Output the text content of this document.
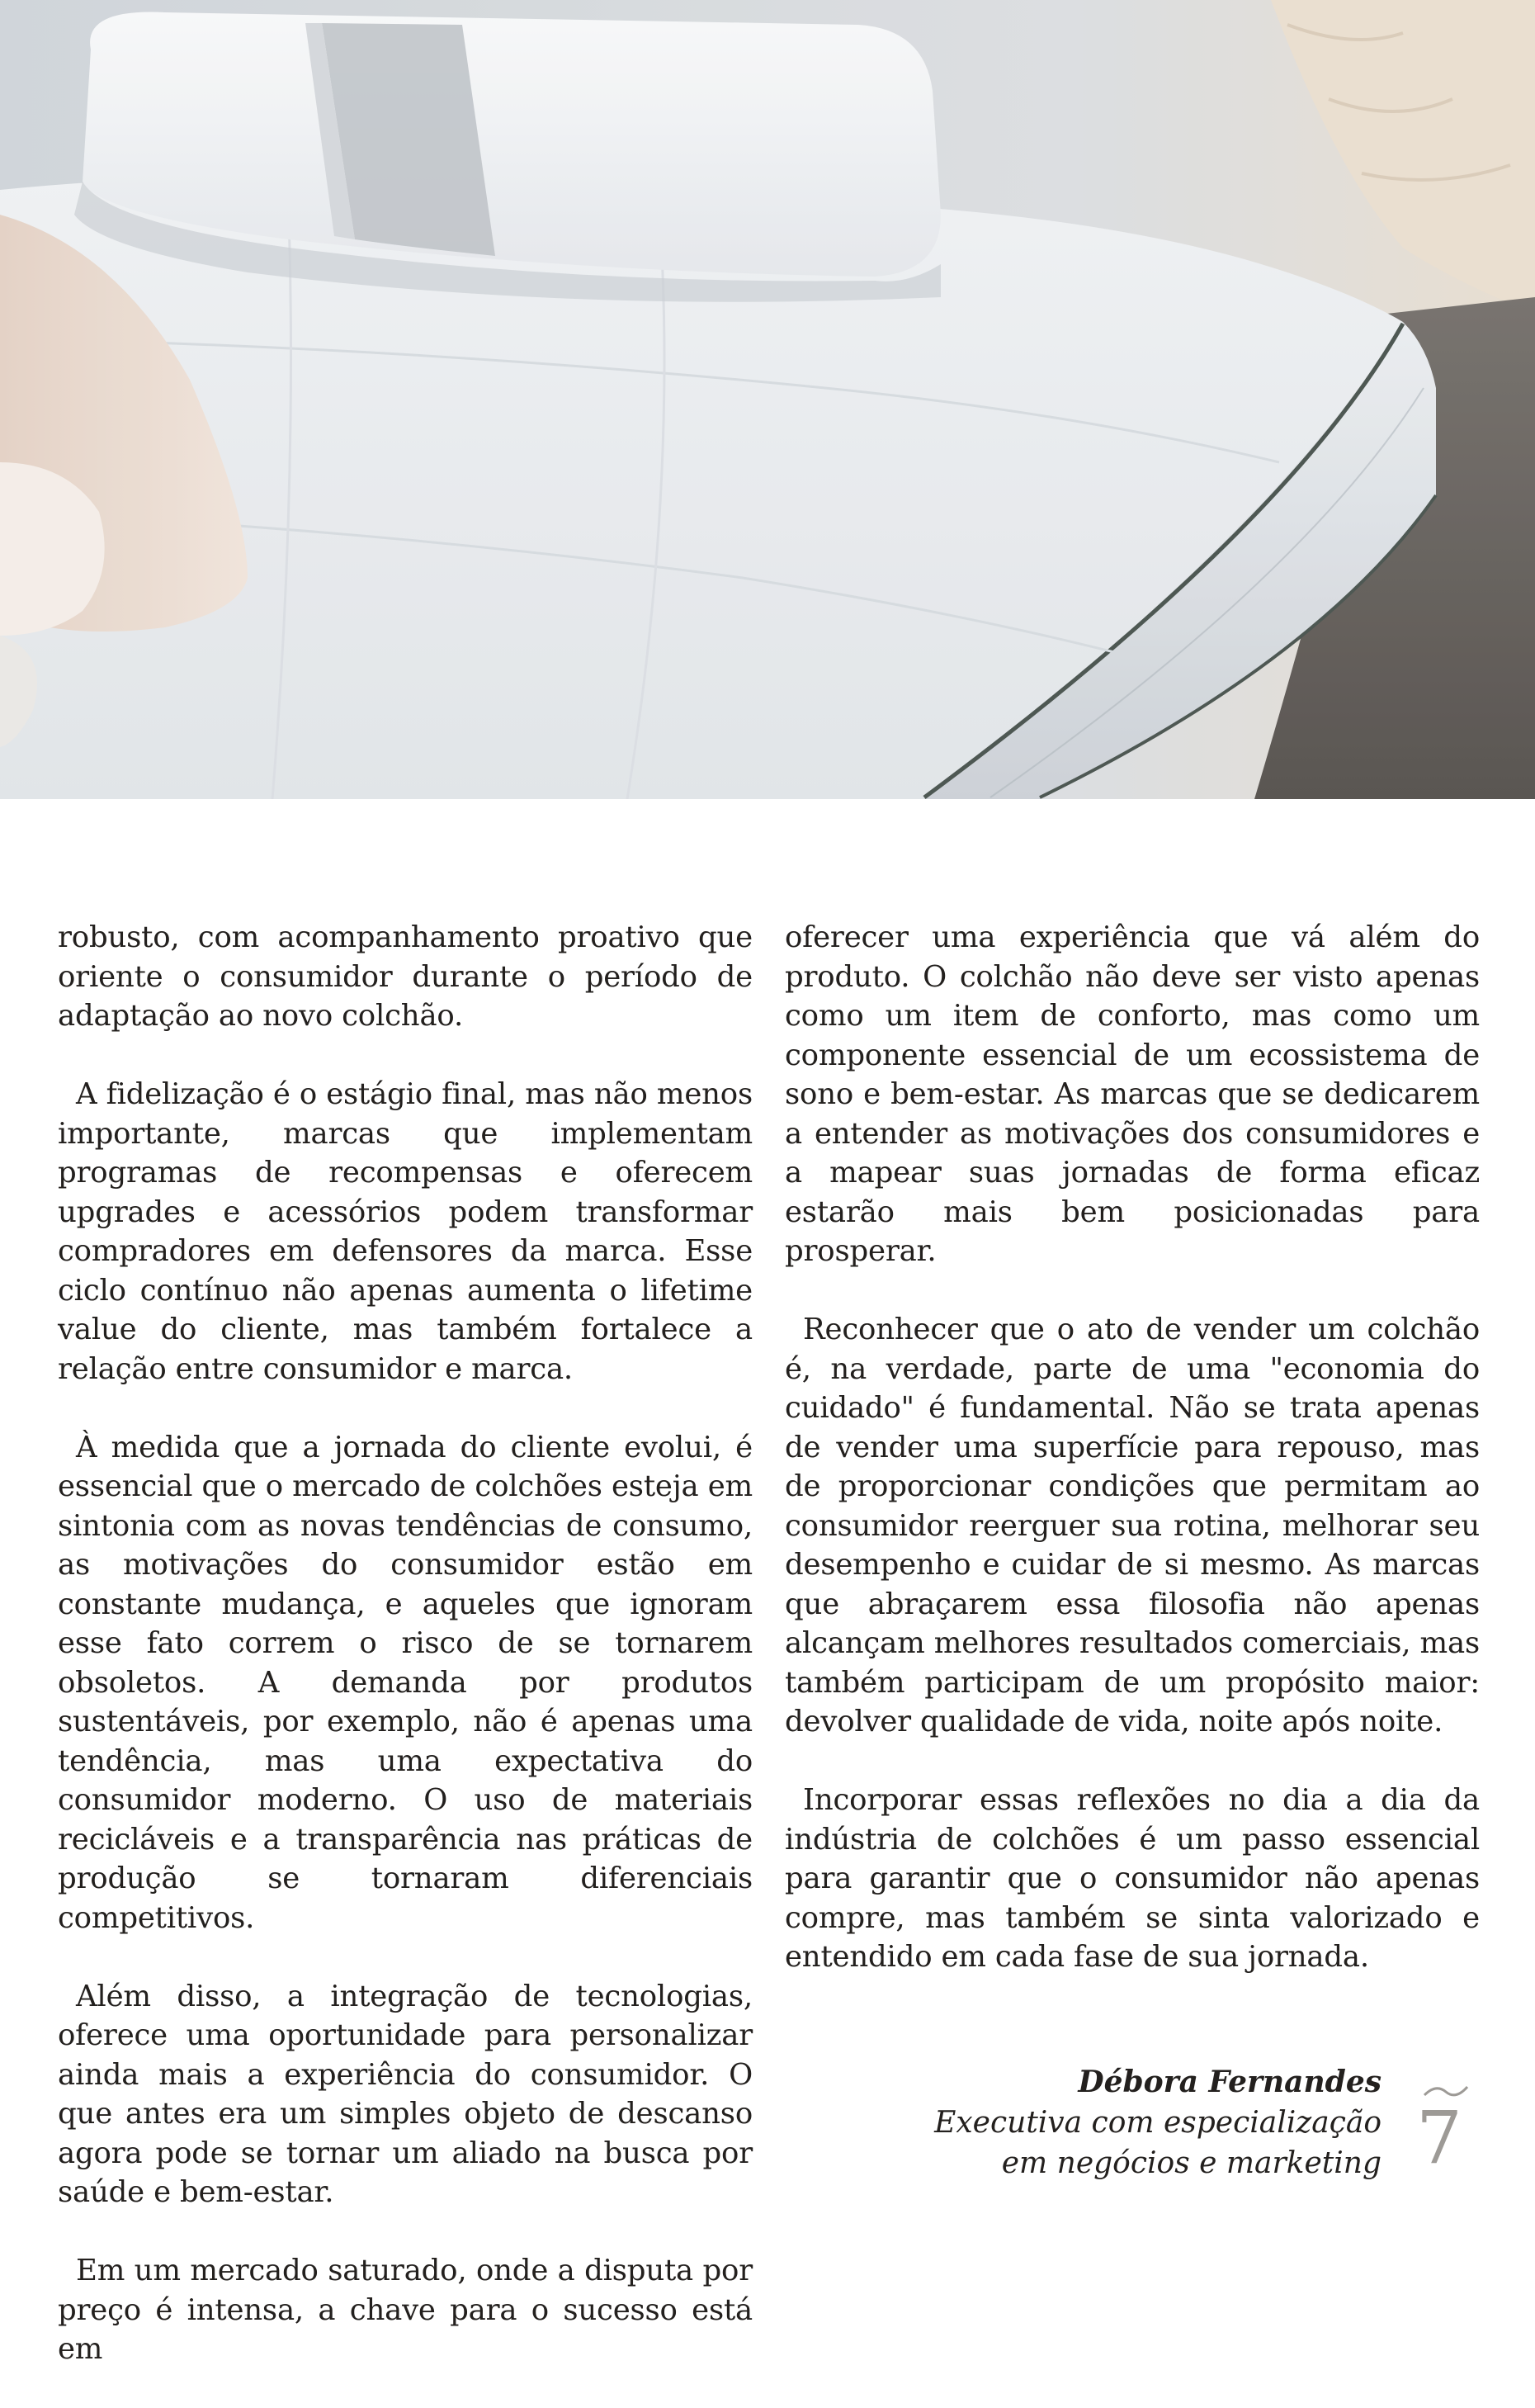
robusto, com acompanhamento proativo que oriente o consumidor durante o período de adaptação ao novo colchão.

A fidelização é o estágio final, mas não menos importante, marcas que implementam programas de recompensas e oferecem upgrades e acessórios podem transformar compradores em defensores da marca. Esse ciclo contínuo não apenas aumenta o lifetime value do cliente, mas também fortalece a relação entre consumidor e marca.

À medida que a jornada do cliente evolui, é essencial que o mercado de colchões esteja em sintonia com as novas tendências de consumo, as motivações do consumidor estão em constante mudança, e aqueles que ignoram esse fato correm o risco de se tornarem obsoletos. A demanda por produtos sustentáveis, por exemplo, não é apenas uma tendência, mas uma expectativa do consumidor moderno. O uso de materiais recicláveis e a transparência nas práticas de produção se tornaram diferenciais competitivos.

Além disso, a integração de tecnologias, oferece uma oportunidade para personalizar ainda mais a experiência do consumidor. O que antes era um simples objeto de descanso agora pode se tornar um aliado na busca por saúde e bem-estar.

Em um mercado saturado, onde a disputa por preço é intensa, a chave para o sucesso está em

oferecer uma experiência que vá além do produto. O colchão não deve ser visto apenas como um item de conforto, mas como um componente essencial de um ecossistema de sono e bem-estar. As marcas que se dedicarem a entender as motivações dos consumidores e a mapear suas jornadas de forma eficaz estarão mais bem posicionadas para prosperar.

Reconhecer que o ato de vender um colchão é, na verdade, parte de uma "economia do cuidado" é fundamental. Não se trata apenas de vender uma superfície para repouso, mas de proporcionar condições que permitam ao consumidor reerguer sua rotina, melhorar seu desempenho e cuidar de si mesmo. As marcas que abraçarem essa filosofia não apenas alcançam melhores resultados comerciais, mas também participam de um propósito maior: devolver qualidade de vida, noite após noite.

Incorporar essas reflexões no dia a dia da indústria de colchões é um passo essencial para garantir que o consumidor não apenas compre, mas também se sinta valorizado e entendido em cada fase de sua jornada.

Débora Fernandes
Executiva com especialização
em negócios e marketing 7
